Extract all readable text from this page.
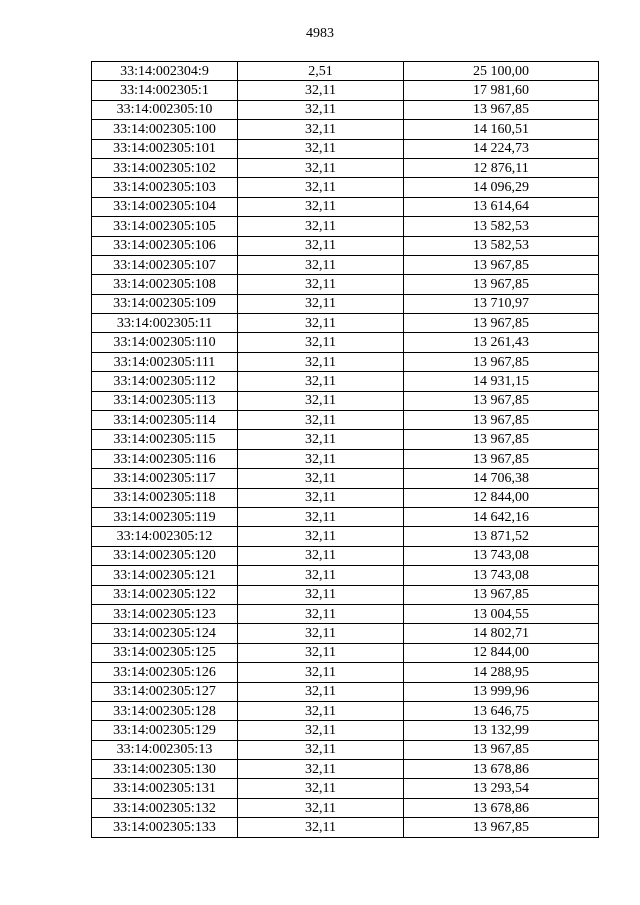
4983
33:14:002304:9	2,51	25 100,00
33:14:002305:1	32,11	17 981,60
33:14:002305:10	32,11	13 967,85
33:14:002305:100	32,11	14 160,51
33:14:002305:101	32,11	14 224,73
33:14:002305:102	32,11	12 876,11
33:14:002305:103	32,11	14 096,29
33:14:002305:104	32,11	13 614,64
33:14:002305:105	32,11	13 582,53
33:14:002305:106	32,11	13 582,53
33:14:002305:107	32,11	13 967,85
33:14:002305:108	32,11	13 967,85
33:14:002305:109	32,11	13 710,97
33:14:002305:11	32,11	13 967,85
33:14:002305:110	32,11	13 261,43
33:14:002305:111	32,11	13 967,85
33:14:002305:112	32,11	14 931,15
33:14:002305:113	32,11	13 967,85
33:14:002305:114	32,11	13 967,85
33:14:002305:115	32,11	13 967,85
33:14:002305:116	32,11	13 967,85
33:14:002305:117	32,11	14 706,38
33:14:002305:118	32,11	12 844,00
33:14:002305:119	32,11	14 642,16
33:14:002305:12	32,11	13 871,52
33:14:002305:120	32,11	13 743,08
33:14:002305:121	32,11	13 743,08
33:14:002305:122	32,11	13 967,85
33:14:002305:123	32,11	13 004,55
33:14:002305:124	32,11	14 802,71
33:14:002305:125	32,11	12 844,00
33:14:002305:126	32,11	14 288,95
33:14:002305:127	32,11	13 999,96
33:14:002305:128	32,11	13 646,75
33:14:002305:129	32,11	13 132,99
33:14:002305:13	32,11	13 967,85
33:14:002305:130	32,11	13 678,86
33:14:002305:131	32,11	13 293,54
33:14:002305:132	32,11	13 678,86
33:14:002305:133	32,11	13 967,85
